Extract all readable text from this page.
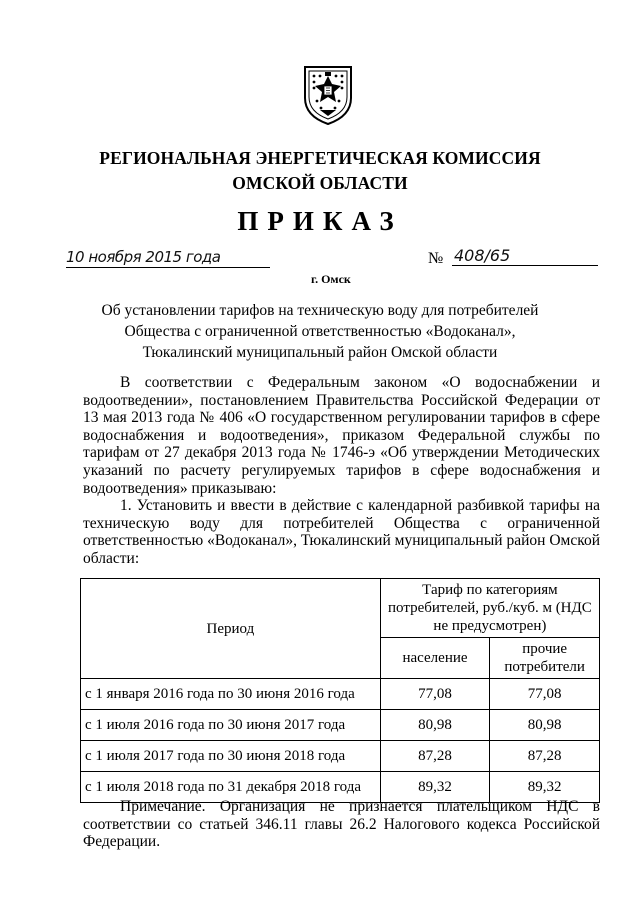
РЕГИОНАЛЬНАЯ ЭНЕРГЕТИЧЕСКАЯ КОМИССИЯ
ОМСКОЙ ОБЛАСТИ
ПРИКАЗ
10 ноября 2015 года
г. Омск
№ 408/65
Об установлении тарифов на техническую воду для потребителей
Общества с ограниченной ответственностью «Водоканал»,
Тюкалинский муниципальный район Омской области

В соответствии с Федеральным законом «О водоснабжении и водоотведении», постановлением Правительства Российской Федерации от 13 мая 2013 года № 406 «О государственном регулировании тарифов в сфере водоснабжения и водоотведения», приказом Федеральной службы по тарифам от 27 декабря 2013 года № 1746-э «Об утверждении Методических указаний по расчету регулируемых тарифов в сфере водоснабжения и водоотведения» приказываю:

1. Установить и ввести в действие с календарной разбивкой тарифы на техническую воду для потребителей Общества с ограниченной ответственностью «Водоканал», Тюкалинский муниципальный район Омской области:

Период	Тариф по категориям потребителей, руб./куб. м (НДС не предусмотрен)	
	население	прочие потребители
с 1 января 2016 года по 30 июня 2016 года	77,08	77,08
с 1 июля 2016 года по 30 июня 2017 года	80,98	80,98
с 1 июля 2017 года по 30 июня 2018 года	87,28	87,28
с 1 июля 2018 года по 31 декабря 2018 года	89,32	89,32

Примечание. Организация не признается плательщиком НДС в соответствии со статьей 346.11 главы 26.2 Налогового кодекса Российской Федерации.
